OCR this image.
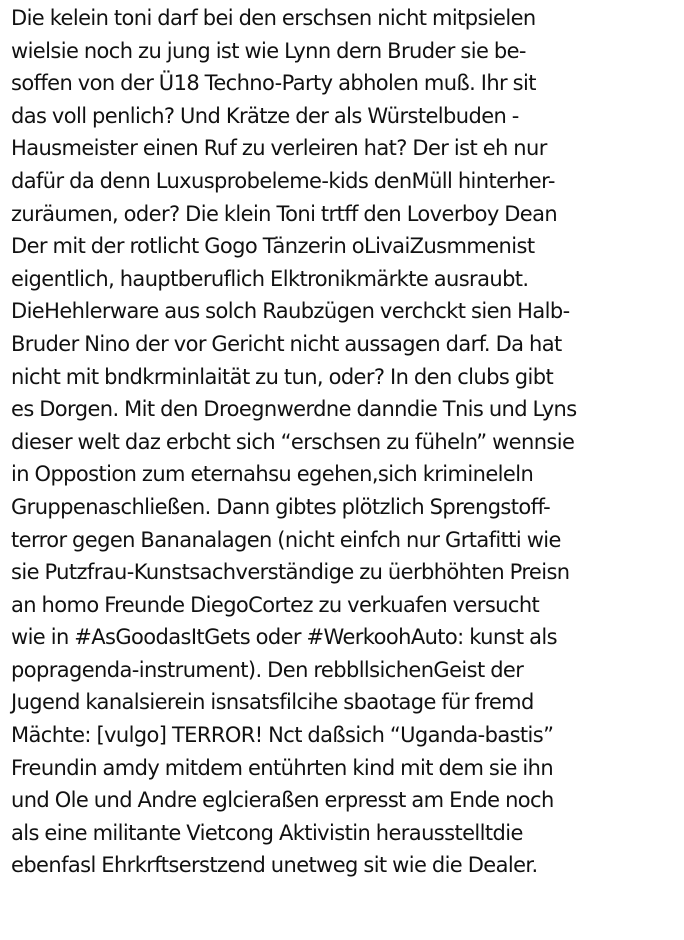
Die kelein toni darf bei den erschsen nicht mitpsielen
wielsie noch zu jung ist wie Lynn dern Bruder sie be-
soffen von der Ü18 Techno-Party abholen muß. Ihr sit
das voll penlich? Und Krätze der als Würstelbuden -
Hausmeister einen Ruf zu verleiren hat? Der ist eh nur
dafür da denn Luxusprobeleme-kids denMüll hinterher-
zuräumen, oder? Die klein Toni trtff den Loverboy Dean
Der mit der rotlicht Gogo Tänzerin oLivaiZusmmenist
eigentlich, hauptberuflich Elktronikmärkte ausraubt.
DieHehlerware aus solch Raubzügen verchckt sien Halb-
Bruder Nino der vor Gericht nicht aussagen darf. Da hat
nicht mit bndkrminlaität zu tun, oder? In den clubs gibt
es Dorgen. Mit den Droegnwerdne danndie Tnis und Lyns
dieser welt daz erbcht sich “erschsen zu füheln” wennsie
in Oppostion zum eternahsu egehen,sich krimineleln
Gruppenaschließen. Dann gibtes plötzlich Sprengstoff-
terror gegen Bananalagen (nicht einfch nur Grtafitti wie
sie Putzfrau-Kunstsachverständige zu üerbhöhten Preisn
an homo Freunde DiegoCortez zu verkuafen versucht
wie in #AsGoodasItGets oder #WerkoohAuto: kunst als
popragenda-instrument). Den rebbllsichenGeist der
Jugend kanalsierein isnsatsfilcihe sbaotage für fremd
Mächte: [vulgo] TERROR! Nct daßsich “Uganda-bastis”
Freundin amdy mitdem entührten kind mit dem sie ihn
und Ole und Andre eglcieraßen erpresst am Ende noch
als eine militante Vietcong Aktivistin herausstelltdie
ebenfasl Ehrkrftserstzend unetweg sit wie die Dealer.
